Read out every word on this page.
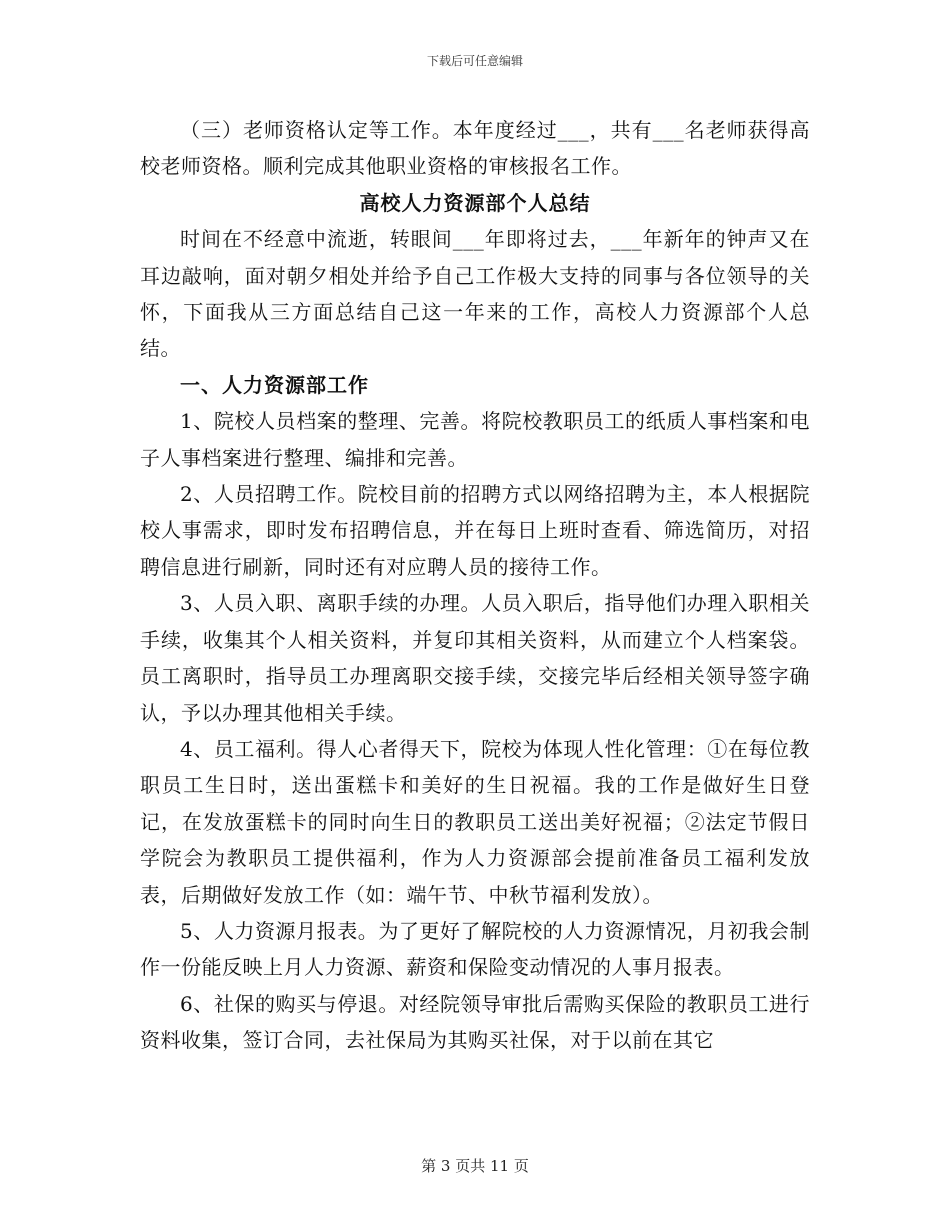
下载后可任意编辑

（三）老师资格认定等工作。本年度经过___，共有___名老师获得高校老师资格。顺利完成其他职业资格的审核报名工作。

高校人力资源部个人总结

时间在不经意中流逝，转眼间___年即将过去，___年新年的钟声又在耳边敲响，面对朝夕相处并给予自己工作极大支持的同事与各位领导的关怀，下面我从三方面总结自己这一年来的工作，高校人力资源部个人总结。

一、人力资源部工作

1、院校人员档案的整理、完善。将院校教职员工的纸质人事档案和电子人事档案进行整理、编排和完善。

2、人员招聘工作。院校目前的招聘方式以网络招聘为主，本人根据院校人事需求，即时发布招聘信息，并在每日上班时查看、筛选简历，对招聘信息进行刷新，同时还有对应聘人员的接待工作。

3、人员入职、离职手续的办理。人员入职后，指导他们办理入职相关手续，收集其个人相关资料，并复印其相关资料，从而建立个人档案袋。员工离职时，指导员工办理离职交接手续，交接完毕后经相关领导签字确认，予以办理其他相关手续。

4、员工福利。得人心者得天下，院校为体现人性化管理：①在每位教职员工生日时，送出蛋糕卡和美好的生日祝福。我的工作是做好生日登记，在发放蛋糕卡的同时向生日的教职员工送出美好祝福；②法定节假日学院会为教职员工提供福利，作为人力资源部会提前准备员工福利发放表，后期做好发放工作（如：端午节、中秋节福利发放）。

5、人力资源月报表。为了更好了解院校的人力资源情况，月初我会制作一份能反映上月人力资源、薪资和保险变动情况的人事月报表。

6、社保的购买与停退。对经院领导审批后需购买保险的教职员工进行资料收集，签订合同，去社保局为其购买社保，对于以前在其它

第 3 页共 11 页
